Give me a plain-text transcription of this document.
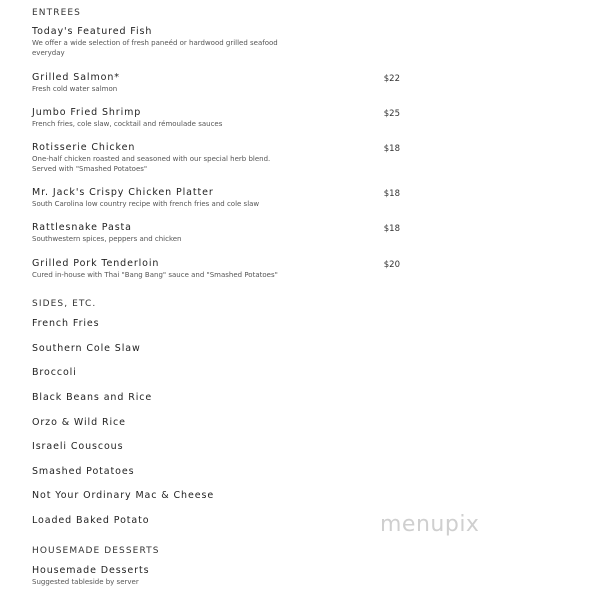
ENTREES
Today's Featured Fish
We offer a wide selection of fresh paneéd or hardwood grilled seafood everyday
Grilled Salmon*
Fresh cold water salmon
$22
Jumbo Fried Shrimp
French fries, cole slaw, cocktail and rémoulade sauces
$25
Rotisserie Chicken
One-half chicken roasted and seasoned with our special herb blend. Served with "Smashed Potatoes"
$18
Mr. Jack's Crispy Chicken Platter
South Carolina low country recipe with french fries and cole slaw
$18
Rattlesnake Pasta
Southwestern spices, peppers and chicken
$18
Grilled Pork Tenderloin
Cured in-house with Thai "Bang Bang" sauce and "Smashed Potatoes"
$20
SIDES, ETC.
French Fries
Southern Cole Slaw
Broccoli
Black Beans and Rice
Orzo & Wild Rice
Israeli Couscous
Smashed Potatoes
Not Your Ordinary Mac & Cheese
Loaded Baked Potato
HOUSEMADE DESSERTS
Housemade Desserts
Suggested tableside by server
menupix
